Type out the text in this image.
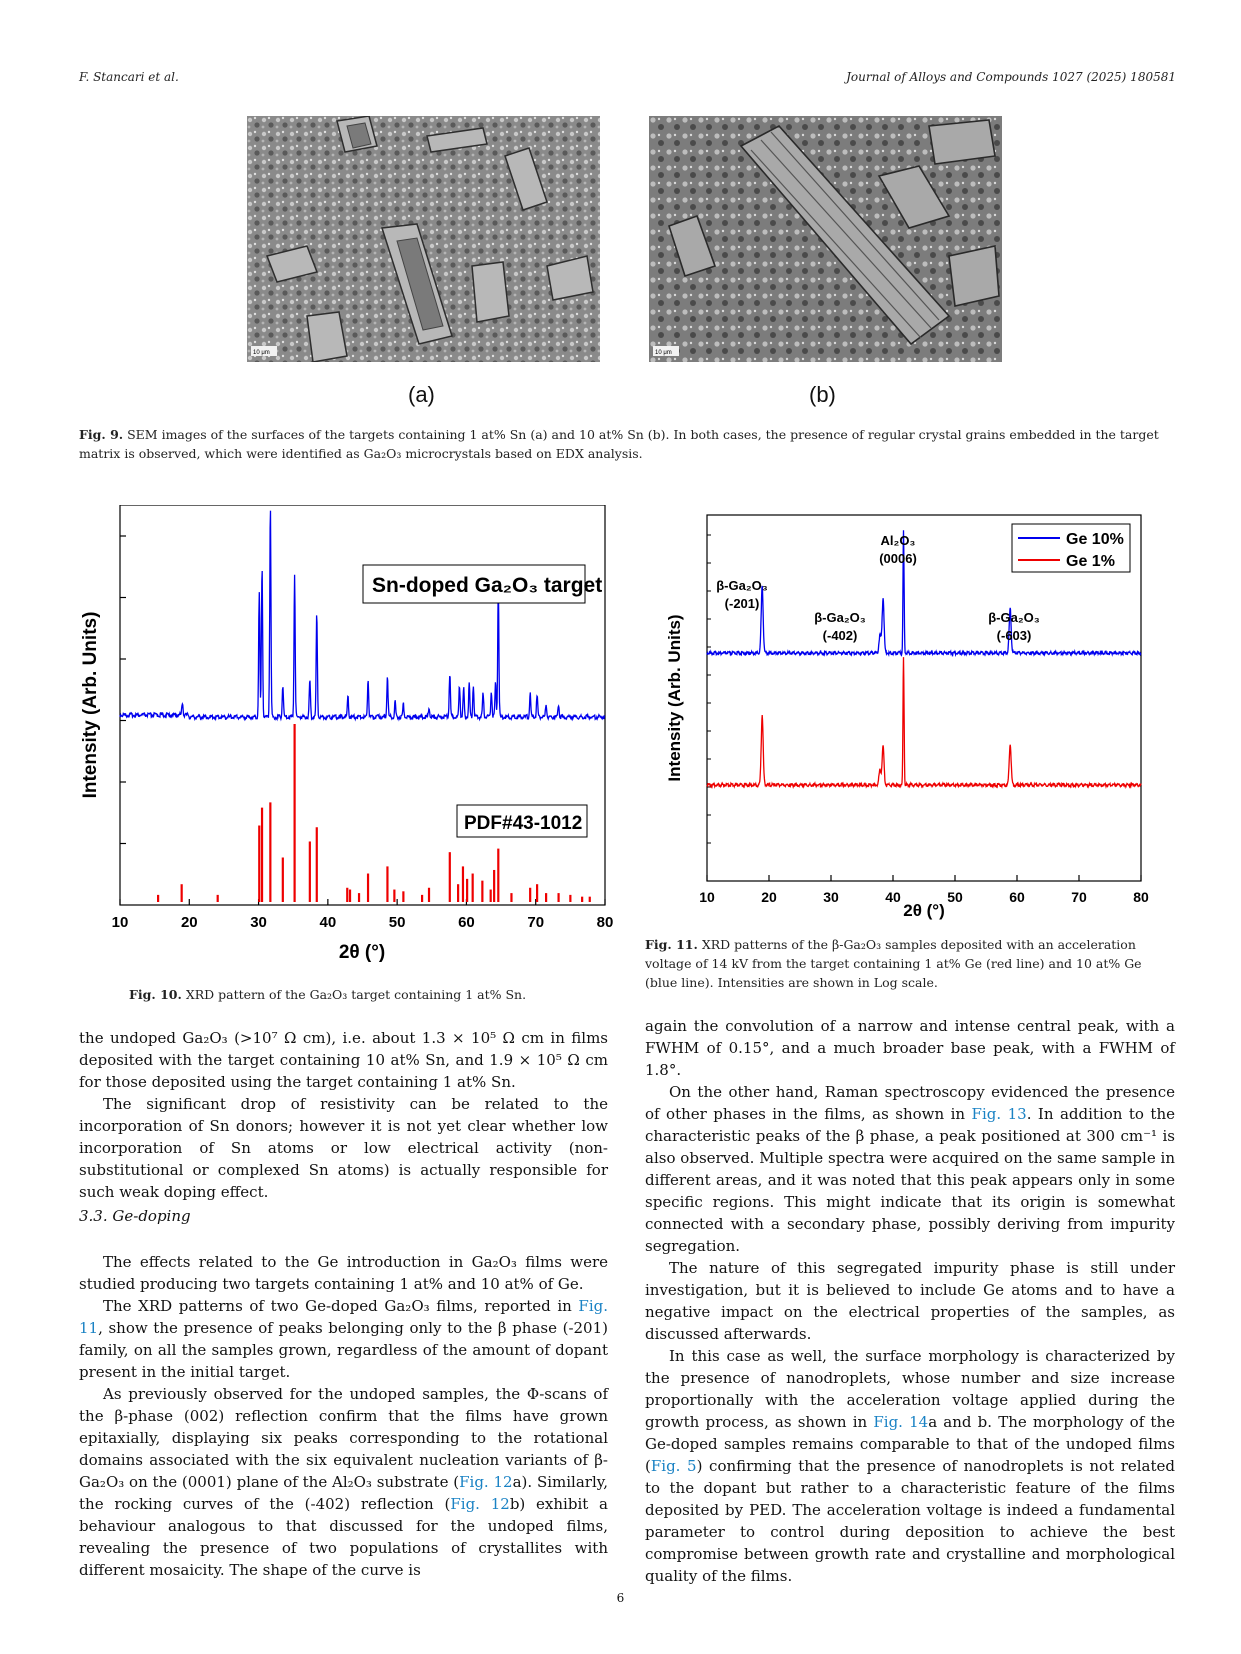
F. Stancari et al.	Journal of Alloys and Compounds 1027 (2025) 180581
10 μm	10 μm
(a)	(b)
Fig. 9. SEM images of the surfaces of the targets containing 1 at% Sn (a) and 10 at% Sn (b). In both cases, the presence of regular crystal grains embedded in the target matrix is observed, which were identified as Ga₂O₃ microcrystals based on EDX analysis.
10	20	30	40	50	60	70	80
Sn-doped Ga₂O₃ target
PDF#43-1012
2θ (°)
Intensity (Arb. Units)
Fig. 10. XRD pattern of the Ga₂O₃ target containing 1 at% Sn.
10	20	30	40	50	60	70	80
Ge 10%
Ge 1%
β-Ga₂O₃
(-201)
Al₂O₃
(0006)
β-Ga₂O₃
(-402)
β-Ga₂O₃
(-603)
2θ (°)
Intensity (Arb. Units)
Fig. 11. XRD patterns of the β-Ga₂O₃ samples deposited with an acceleration voltage of 14 kV from the target containing 1 at% Ge (red line) and 10 at% Ge (blue line). Intensities are shown in Log scale.

the undoped Ga₂O₃ (>10⁷ Ω cm), i.e. about 1.3 × 10⁵ Ω cm in films deposited with the target containing 10 at% Sn, and 1.9 × 10⁵ Ω cm for those deposited using the target containing 1 at% Sn.

The significant drop of resistivity can be related to the incorporation of Sn donors; however it is not yet clear whether low incorporation of Sn atoms or low electrical activity (non-substitutional or complexed Sn atoms) is actually responsible for such weak doping effect.

3.3. Ge-doping

The effects related to the Ge introduction in Ga₂O₃ films were studied producing two targets containing 1 at% and 10 at% of Ge.

The XRD patterns of two Ge-doped Ga₂O₃ films, reported in Fig. 11, show the presence of peaks belonging only to the β phase (-201) family, on all the samples grown, regardless of the amount of dopant present in the initial target.

As previously observed for the undoped samples, the Φ-scans of the β-phase (002) reflection confirm that the films have grown epitaxially, displaying six peaks corresponding to the rotational domains associated with the six equivalent nucleation variants of β-Ga₂O₃ on the (0001) plane of the Al₂O₃ substrate (Fig. 12a). Similarly, the rocking curves of the (-402) reflection (Fig. 12b) exhibit a behaviour analogous to that discussed for the undoped films, revealing the presence of two populations of crystallites with different mosaicity. The shape of the curve is

again the convolution of a narrow and intense central peak, with a FWHM of 0.15°, and a much broader base peak, with a FWHM of 1.8°.

On the other hand, Raman spectroscopy evidenced the presence of other phases in the films, as shown in Fig. 13. In addition to the characteristic peaks of the β phase, a peak positioned at 300 cm⁻¹ is also observed. Multiple spectra were acquired on the same sample in different areas, and it was noted that this peak appears only in some specific regions. This might indicate that its origin is somewhat connected with a secondary phase, possibly deriving from impurity segregation.

The nature of this segregated impurity phase is still under investigation, but it is believed to include Ge atoms and to have a negative impact on the electrical properties of the samples, as discussed afterwards.

In this case as well, the surface morphology is characterized by the presence of nanodroplets, whose number and size increase proportionally with the acceleration voltage applied during the growth process, as shown in Fig. 14a and b. The morphology of the Ge-doped samples remains comparable to that of the undoped films (Fig. 5) confirming that the presence of nanodroplets is not related to the dopant but rather to a characteristic feature of the films deposited by PED. The acceleration voltage is indeed a fundamental parameter to control during deposition to achieve the best compromise between growth rate and crystalline and morphological quality of the films.

6
